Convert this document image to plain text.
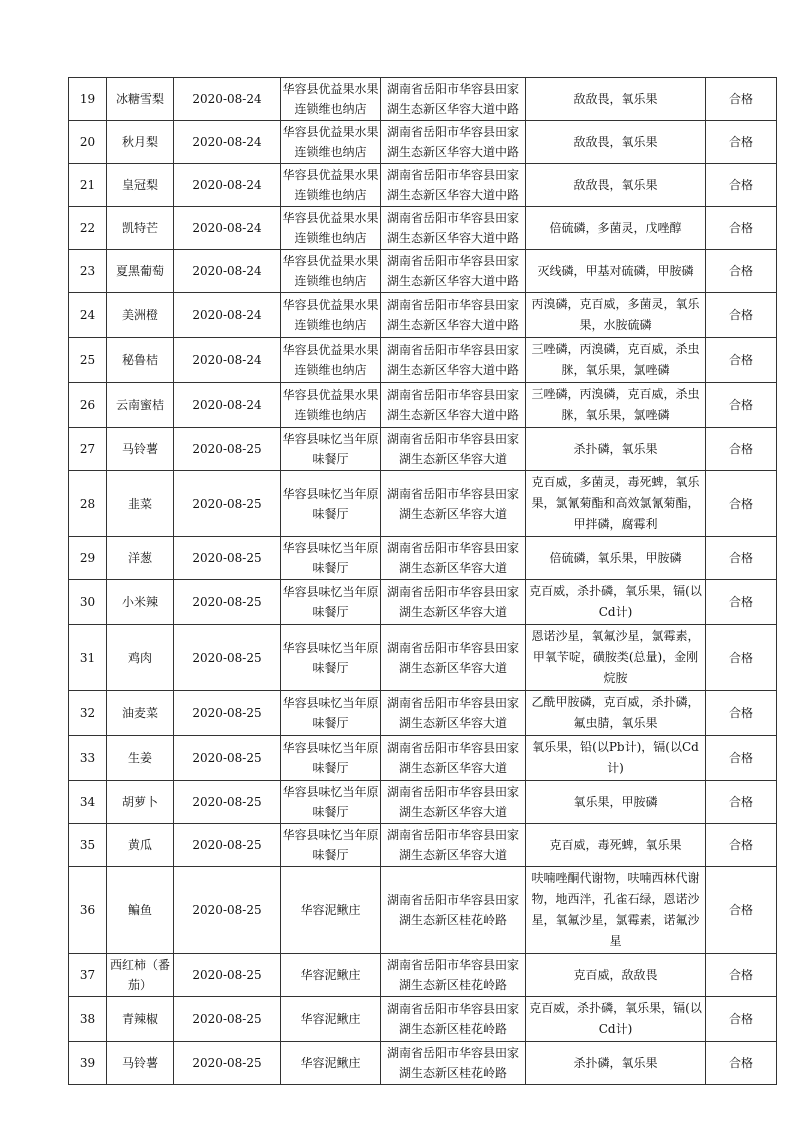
19	冰糖雪梨	2020-08-24	华容县优益果水果连锁维也纳店	湖南省岳阳市华容县田家湖生态新区华容大道中路	敌敌畏，氧乐果	合格
20	秋月梨	2020-08-24	华容县优益果水果连锁维也纳店	湖南省岳阳市华容县田家湖生态新区华容大道中路	敌敌畏，氧乐果	合格
21	皇冠梨	2020-08-24	华容县优益果水果连锁维也纳店	湖南省岳阳市华容县田家湖生态新区华容大道中路	敌敌畏，氧乐果	合格
22	凯特芒	2020-08-24	华容县优益果水果连锁维也纳店	湖南省岳阳市华容县田家湖生态新区华容大道中路	倍硫磷，多菌灵，戊唑醇	合格
23	夏黑葡萄	2020-08-24	华容县优益果水果连锁维也纳店	湖南省岳阳市华容县田家湖生态新区华容大道中路	灭线磷，甲基对硫磷，甲胺磷	合格
24	美洲橙	2020-08-24	华容县优益果水果连锁维也纳店	湖南省岳阳市华容县田家湖生态新区华容大道中路	丙溴磷，克百威，多菌灵，氧乐果，水胺硫磷	合格
25	秘鲁桔	2020-08-24	华容县优益果水果连锁维也纳店	湖南省岳阳市华容县田家湖生态新区华容大道中路	三唑磷，丙溴磷，克百威，杀虫脒，氧乐果，氯唑磷	合格
26	云南蜜桔	2020-08-24	华容县优益果水果连锁维也纳店	湖南省岳阳市华容县田家湖生态新区华容大道中路	三唑磷，丙溴磷，克百威，杀虫脒，氧乐果，氯唑磷	合格
27	马铃薯	2020-08-25	华容县味忆当年原味餐厅	湖南省岳阳市华容县田家湖生态新区华容大道	杀扑磷，氧乐果	合格
28	韭菜	2020-08-25	华容县味忆当年原味餐厅	湖南省岳阳市华容县田家湖生态新区华容大道	克百威，多菌灵，毒死蜱，氧乐果，氯氰菊酯和高效氯氰菊酯，甲拌磷，腐霉利	合格
29	洋葱	2020-08-25	华容县味忆当年原味餐厅	湖南省岳阳市华容县田家湖生态新区华容大道	倍硫磷，氧乐果，甲胺磷	合格
30	小米辣	2020-08-25	华容县味忆当年原味餐厅	湖南省岳阳市华容县田家湖生态新区华容大道	克百威，杀扑磷，氧乐果，镉(以Cd计)	合格
31	鸡肉	2020-08-25	华容县味忆当年原味餐厅	湖南省岳阳市华容县田家湖生态新区华容大道	恩诺沙星，氧氟沙星，氯霉素，甲氧苄啶，磺胺类(总量)，金刚烷胺	合格
32	油麦菜	2020-08-25	华容县味忆当年原味餐厅	湖南省岳阳市华容县田家湖生态新区华容大道	乙酰甲胺磷，克百威，杀扑磷，氟虫腈，氧乐果	合格
33	生姜	2020-08-25	华容县味忆当年原味餐厅	湖南省岳阳市华容县田家湖生态新区华容大道	氧乐果，铅(以Pb计)，镉(以Cd计)	合格
34	胡萝卜	2020-08-25	华容县味忆当年原味餐厅	湖南省岳阳市华容县田家湖生态新区华容大道	氧乐果，甲胺磷	合格
35	黄瓜	2020-08-25	华容县味忆当年原味餐厅	湖南省岳阳市华容县田家湖生态新区华容大道	克百威，毒死蜱，氧乐果	合格
36	鳊鱼	2020-08-25	华容泥鳅庄	湖南省岳阳市华容县田家湖生态新区桂花岭路	呋喃唑酮代谢物，呋喃西林代谢物，地西泮，孔雀石绿，恩诺沙星，氧氟沙星，氯霉素，诺氟沙星	合格
37	西红柿（番茄）	2020-08-25	华容泥鳅庄	湖南省岳阳市华容县田家湖生态新区桂花岭路	克百威，敌敌畏	合格
38	青辣椒	2020-08-25	华容泥鳅庄	湖南省岳阳市华容县田家湖生态新区桂花岭路	克百威，杀扑磷，氧乐果，镉(以Cd计)	合格
39	马铃薯	2020-08-25	华容泥鳅庄	湖南省岳阳市华容县田家湖生态新区桂花岭路	杀扑磷，氧乐果	合格
